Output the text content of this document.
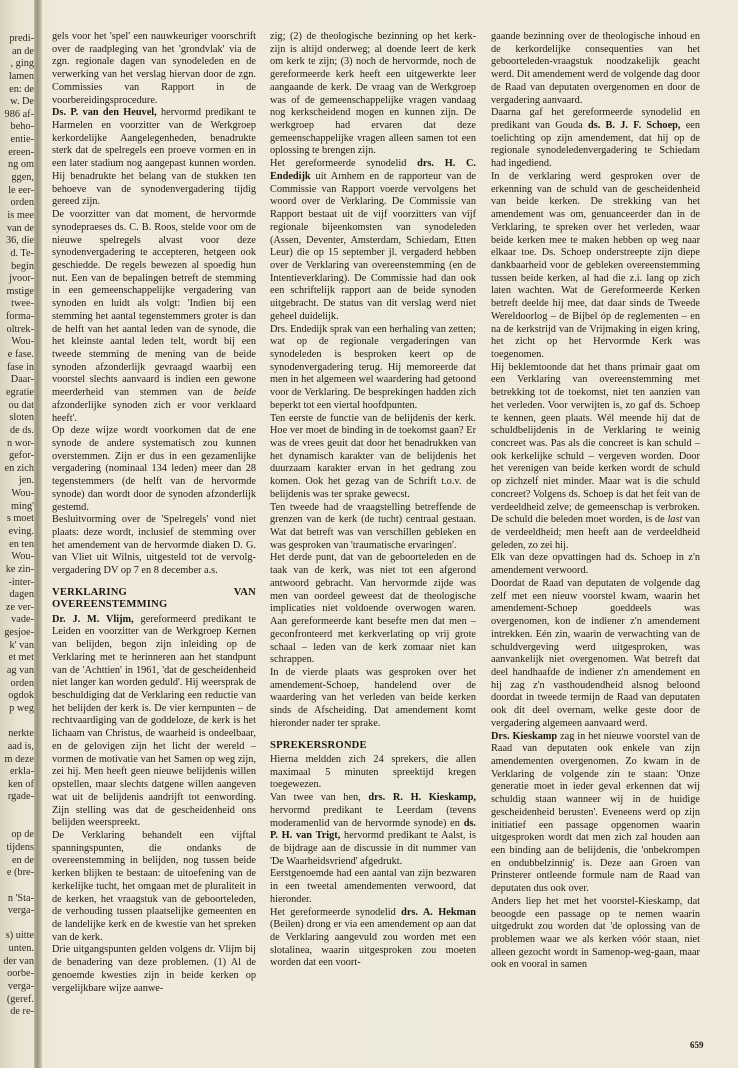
predi-
an de
, ging
lamen
en: de
w. De
986 af-
beho-
entie-
ereen-
ng om
ggen,
le eer-
orden
is mee
van de
36, die
d. Te-
begin
jvoor-
mstige
twee-
forma-
oltrek-
Wou-
e fase.
fase in
Daar-
egratie
ou dat
sloten
de ds.
n wor-
gefor-
en zich
jen.
Wou-
ming'
s moet
eving.
en ten
Wou-
ke zin-
-inter-
dagen
ze ver-
vade-
gesjoe-
k' van
et met
ag van
orden
ogdok
p weg
nerkte
aad is,
m deze
erkla-
ken of
rgade-
op de
tijdens
en de
e (bre-
n 'Sta-
verga-
s) uitte
unten.
der van
oorbe-
verga-
(geref.
de re-

gels voor het 'spel' een nauwkeuriger voorschrift over de raadpleging van het 'grondvlak' via de zgn. regionale dagen van synodeleden en de verwerking van het verslag hiervan door de zgn. Commissies van Rapport in de voorbereidingsprocedure.

Ds. P. van den Heuvel, hervormd predikant te Harmelen en voorzitter van de Werkgroep kerkordelijke Aangelegenheden, benadrukte sterk dat de spelregels een proeve vormen en in een later stadium nog aangepast kunnen worden. Hij benadrukte het belang van de stukken ten behoeve van de synodenvergadering tijdig gereed zijn.

De voorzitter van dat moment, de hervormde synodepraeses ds. C. B. Roos, stelde voor om de nieuwe spelregels alvast voor deze synodenvergadering te accepteren, hetgeen ook geschiedde. De regels bewezen al spoedig hun nut. Een van de bepalingen betreft de stemming in een gemeenschappelijke vergadering van synoden en luidt als volgt: 'Indien bij een stemming het aantal tegenstemmers groter is dan de helft van het aantal leden van de synode, die het kleinste aantal leden telt, wordt bij een tweede stemming de mening van de beide synoden afzonderlijk gevraagd waarbij een voorstel slechts aanvaard is indien een gewone meerderheid van stemmen van de beide afzonderlijke synoden zich er voor verklaard heeft'.

Op deze wijze wordt voorkomen dat de ene synode de andere systematisch zou kunnen overstemmen. Zijn er dus in een gezamenlijke vergadering (nominaal 134 leden) meer dan 28 tegenstemmers (de helft van de hervormde synode) dan wordt door de synoden afzonderlijk gestemd.

Besluitvorming over de 'Spelregels' vond niet plaats: deze wordt, inclusief de stemming over het amendement van de hervormde diaken D. G. van Vliet uit Wilnis, uitgesteld tot de vervolg-vergadering DV op 7 en 8 december a.s.

VERKLARING VAN OVEREENSTEMMING

Dr. J. M. Vlijm, gereformeerd predikant te Leiden en voorzitter van de Werkgroep Kernen van belijden, begon zijn inleiding op de Verklaring met te herinneren aan het standpunt van de 'Achttien' in 1961, 'dat de gescheidenheid niet langer kan worden geduld'. Hij weersprak de beschuldiging dat de Verklaring een reductie van het belijden der kerk is. De vier kernpunten – de rechtvaardiging van de goddeloze, de kerk is het lichaam van Christus, de waarheid is ondeelbaar, en de gelovigen zijn het licht der wereld – vormen de motivatie van het Samen op weg zijn, zei hij. Men heeft geen nieuwe belijdenis willen opstellen, maar slechts datgene willen aangeven wat uit de belijdenis aandrijft tot eenwording. Zijn stelling was dat de gescheidenheid ons belijden weerspreekt.

De Verklaring behandelt een vijftal spanningspunten, die ondanks de overeenstemming in belijden, nog tussen beide kerken blijken te bestaan: de uitoefening van de kerkelijke tucht, het omgaan met de pluraliteit in de kerken, het vraagstuk van de geboorteleden, de verhouding tussen plaatselijke gemeenten en de landelijke kerk en de kwestie van het spreken van de kerk.

Drie uitgangspunten gelden volgens dr. Vlijm bij de benadering van deze problemen. (1) Al de genoemde kwesties zijn in beide kerken op vergelijkbare wijze aanwe-

zig; (2) de theologische bezinning op het kerk-zijn is altijd onderweg; al doende leert de kerk om kerk te zijn; (3) noch de hervormde, noch de gereformeerde kerk heeft een uitgewerkte leer aangaande de kerk. De vraag van de Werkgroep was of de gemeenschappelijke vragen vandaag nog kerkscheidend mogen en kunnen zijn. De werkgroep had ervaren dat deze gemeenschappelijke vragen alleen samen tot een oplossing te brengen zijn.

Het gereformeerde synodelid drs. H. C. Endedijk uit Arnhem en de rapporteur van de Commissie van Rapport voerde vervolgens het woord over de Verklaring. De Commissie van Rapport bestaat uit de vijf voorzitters van vijf regionale bijeenkomsten van synodeleden (Assen, Deventer, Amsterdam, Schiedam, Etten Leur) die op 15 september jl. vergaderd hebben over de Verklaring van overeenstemming (en de Intentieverklaring). De Commissie had dan ook een schriftelijk rapport aan de beide synoden uitgebracht. De status van dit verslag werd niet geheel duidelijk.

Drs. Endedijk sprak van een herhaling van zetten; wat op de regionale vergaderingen van synodeleden is besproken keert op de synodenvergadering terug. Hij memoreerde dat men in het algemeen wel waardering had getoond voor de Verklaring. De besprekingen hadden zich beperkt tot een viertal hoofdpunten.

Ten eerste de functie van de belijdenis der kerk. Hoe ver moet de binding in de toekomst gaan? Er was de vrees geuit dat door het benadrukken van het dynamisch karakter van de belijdenis het duurzaam karakter ervan in het gedrang zou komen. Ook het gezag van de Schrift t.o.v. de belijdenis was ter sprake gewecst.

Ten tweede had de vraagstelling betreffende de grenzen van de kerk (de tucht) centraal gestaan. Wat dat betreft was van verschillen gebleken en was gesproken van 'traumatische ervaringen'.

Het derde punt, dat van de geboorteleden en de taak van de kerk, was niet tot een afgerond antwoord gebracht. Van hervormde zijde was men van oordeel geweest dat de theologische implicaties niet voldoende overwogen waren. Aan gereformeerde kant besefte men dat men – geconfronteerd met kerkverlating op vrij grote schaal – leden van de kerk zomaar niet kan schrappen.

In de vierde plaats was gesproken over het amendement-Schoep, handelend over de waardering van het verleden van beide kerken sinds de Afscheiding. Dat amendement komt hieronder nader ter sprake.

SPREKERSRONDE

Hierna meldden zich 24 sprekers, die allen maximaal 5 minuten spreektijd kregen toegewezen.

Van twee van hen, drs. R. H. Kieskamp, hervormd predikant te Leerdam (tevens moderamenlid van de hervormde synode) en ds. P. H. van Trigt, hervormd predikant te Aalst, is de bijdrage aan de discussie in dit nummer van 'De Waarheidsvriend' afgedrukt.

Eerstgenoemde had een aantal van zijn bezwaren in een tweetal amendementen verwoord, dat hieronder.

Het gereformeerde synodelid drs. A. Hekman (Beilen) drong er via een amendement op aan dat de Verklaring aangevuld zou worden met een slotalinea, waarin uitgesproken zou moeten worden dat een voort-

gaande bezinning over de theologische inhoud en de kerkordelijke consequenties van het geboorteleden-vraagstuk noodzakelijk geacht werd. Dit amendement werd de volgende dag door de Raad van deputaten overgenomen en door de vergadering aanvaard.

Daarna gaf het gereformeerde synodelid en predikant van Gouda ds. B. J. F. Schoep, een toelichting op zijn amendement, dat hij op de regionale synodeledenvergadering te Schiedam had ingediend.

In de verklaring werd gesproken over de erkenning van de schuld van de gescheidenheid van beide kerken. De strekking van het amendement was om, genuanceerder dan in de Verklaring, te spreken over het verleden, waar beide kerken mee te maken hebben op weg naar elkaar toe. Ds. Schoep onderstreepte zijn diepe dankbaarheid voor de gebleken overeenstemming tussen beide kerken, al had die z.i. lang op zich laten wachten. Wat de Gereformeerde Kerken betreft deelde hij mee, dat daar sinds de Tweede Wereldoorlog – de Bijbel óp de reglementen – en na de kerkstrijd van de Vrijmaking in eigen kring, het zicht op het Hervormde Kerk was toegenomen.

Hij beklemtoonde dat het thans primair gaat om een Verklaring van overeenstemming met betrekking tot de toekomst, niet ten aanzien van het verleden. Voor verwijten is, zo gaf ds. Schoep te kennen, geen plaats. Wél meende hij dat de schuldbelijdenis in de Verklaring te weinig concreet was. Pas als die concreet is kan schuld – ook kerkelijke schuld – vergeven worden. Door het verenigen van beide kerken wordt de schuld op zichzelf niet minder. Maar wat is die schuld concreet? Volgens ds. Schoep is dat het feit van de verdeeldheid zelve; de gemeenschap is verbroken. De schuld die beleden moet worden, is de last van de verdeeldheid; men heeft aan de verdeeldheid geleden, zo zei hij.

Elk van deze opvattingen had ds. Schoep in z'n amendement verwoord.

Doordat de Raad van deputaten de volgende dag zelf met een nieuw voorstel kwam, waarin het amendement-Schoep goeddeels was overgenomen, kon de indiener z'n amendement intrekken. Eén zin, waarin de verwachting van de schuldvergeving werd uitgesproken, was aanvankelijk niet overgenomen. Wat betreft dat deel handhaafde de indiener z'n amendement en hij zag z'n vasthoudendheid alsnog beloond doordat in tweede termijn de Raad van deputaten ook dit deel overnam, welke geste door de vergadering algemeen aanvaard werd.

Drs. Kieskamp zag in het nieuwe voorstel van de Raad van deputaten ook enkele van zijn amendementen overgenomen. Zo kwam in de Verklaring de volgende zin te staan: 'Onze generatie moet in ieder geval erkennen dat wij schuldig staan wanneer wij in de huidige gescheidenheid berusten'. Eveneens werd op zijn initiatief een passage opgenomen waarin uitgesproken wordt dat men zich zal houden aan een binding aan de belijdenis, die 'onbekrompen en ondubbelzinnig' is. Deze aan Groen van Prinsterer ontleende formule nam de Raad van deputaten dus ook over.

Anders liep het met het voorstel-Kieskamp, dat beoogde een passage op te nemen waarin uitgedrukt zou worden dat 'de oplossing van de problemen waar we als kerken vóór staan, niet alleen gezocht wordt in Samenop-weg-gaan, maar ook en vooral in samen

659
